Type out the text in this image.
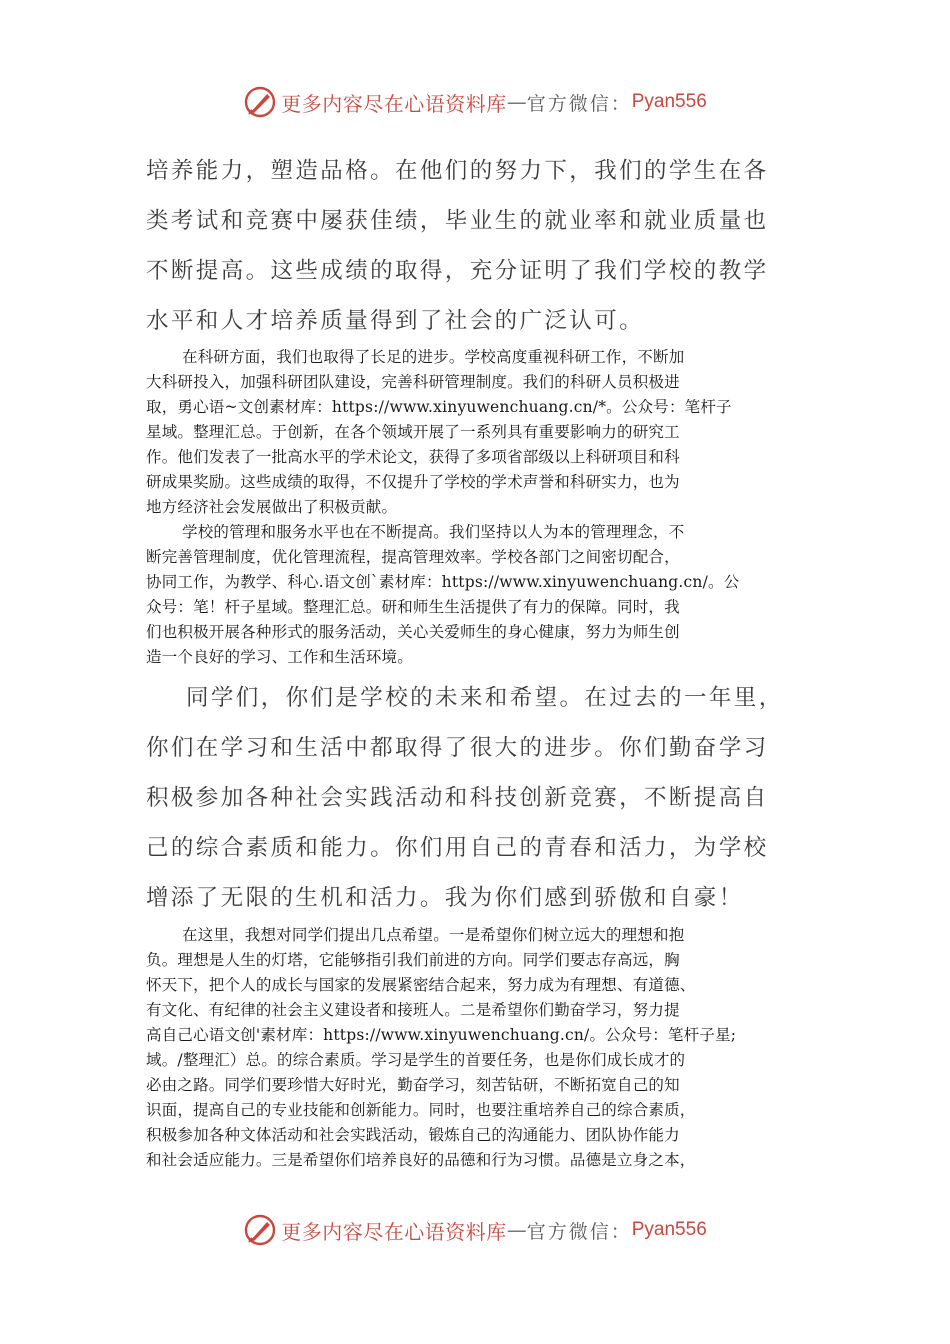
更多内容尽在心语资料库 — 官方微信： Pyan556
培养能力，塑造品格。在他们的努力下，我们的学生在各
类考试和竞赛中屡获佳绩，毕业生的就业率和就业质量也
不断提高。这些成绩的取得，充分证明了我们学校的教学
水平和人才培养质量得到了社会的广泛认可。
在科研方面，我们也取得了长足的进步。学校高度重视科研工作，不断加
大科研投入，加强科研团队建设，完善科研管理制度。我们的科研人员积极进
取，勇心语~文创素材库：https://www.xinyuwenchuang.cn/*。公众号：笔杆子
星域。整理汇总。于创新，在各个领域开展了一系列具有重要影响力的研究工
作。他们发表了一批高水平的学术论文，获得了多项省部级以上科研项目和科
研成果奖励。这些成绩的取得，不仅提升了学校的学术声誉和科研实力，也为
地方经济社会发展做出了积极贡献。
学校的管理和服务水平也在不断提高。我们坚持以人为本的管理理念，不
断完善管理制度，优化管理流程，提高管理效率。学校各部门之间密切配合，
协同工作，为教学、科心.语文创`素材库：https://www.xinyuwenchuang.cn/。公
众号：笔！杆子星域。整理汇总。研和师生生活提供了有力的保障。同时，我
们也积极开展各种形式的服务活动，关心关爱师生的身心健康，努力为师生创
造一个良好的学习、工作和生活环境。
同学们，你们是学校的未来和希望。在过去的一年里，
你们在学习和生活中都取得了很大的进步。你们勤奋学习
积极参加各种社会实践活动和科技创新竞赛，不断提高自
己的综合素质和能力。你们用自己的青春和活力，为学校
增添了无限的生机和活力。我为你们感到骄傲和自豪！
在这里，我想对同学们提出几点希望。一是希望你们树立远大的理想和抱
负。理想是人生的灯塔，它能够指引我们前进的方向。同学们要志存高远，胸
怀天下，把个人的成长与国家的发展紧密结合起来，努力成为有理想、有道德、
有文化、有纪律的社会主义建设者和接班人。二是希望你们勤奋学习，努力提
高自己心语文创'素材库：https://www.xinyuwenchuang.cn/。公众号：笔杆子星;
域。/整理汇）总。的综合素质。学习是学生的首要任务，也是你们成长成才的
必由之路。同学们要珍惜大好时光，勤奋学习，刻苦钻研，不断拓宽自己的知
识面，提高自己的专业技能和创新能力。同时，也要注重培养自己的综合素质，
积极参加各种文体活动和社会实践活动，锻炼自己的沟通能力、团队协作能力
和社会适应能力。三是希望你们培养良好的品德和行为习惯。品德是立身之本，
更多内容尽在心语资料库 — 官方微信： Pyan556
